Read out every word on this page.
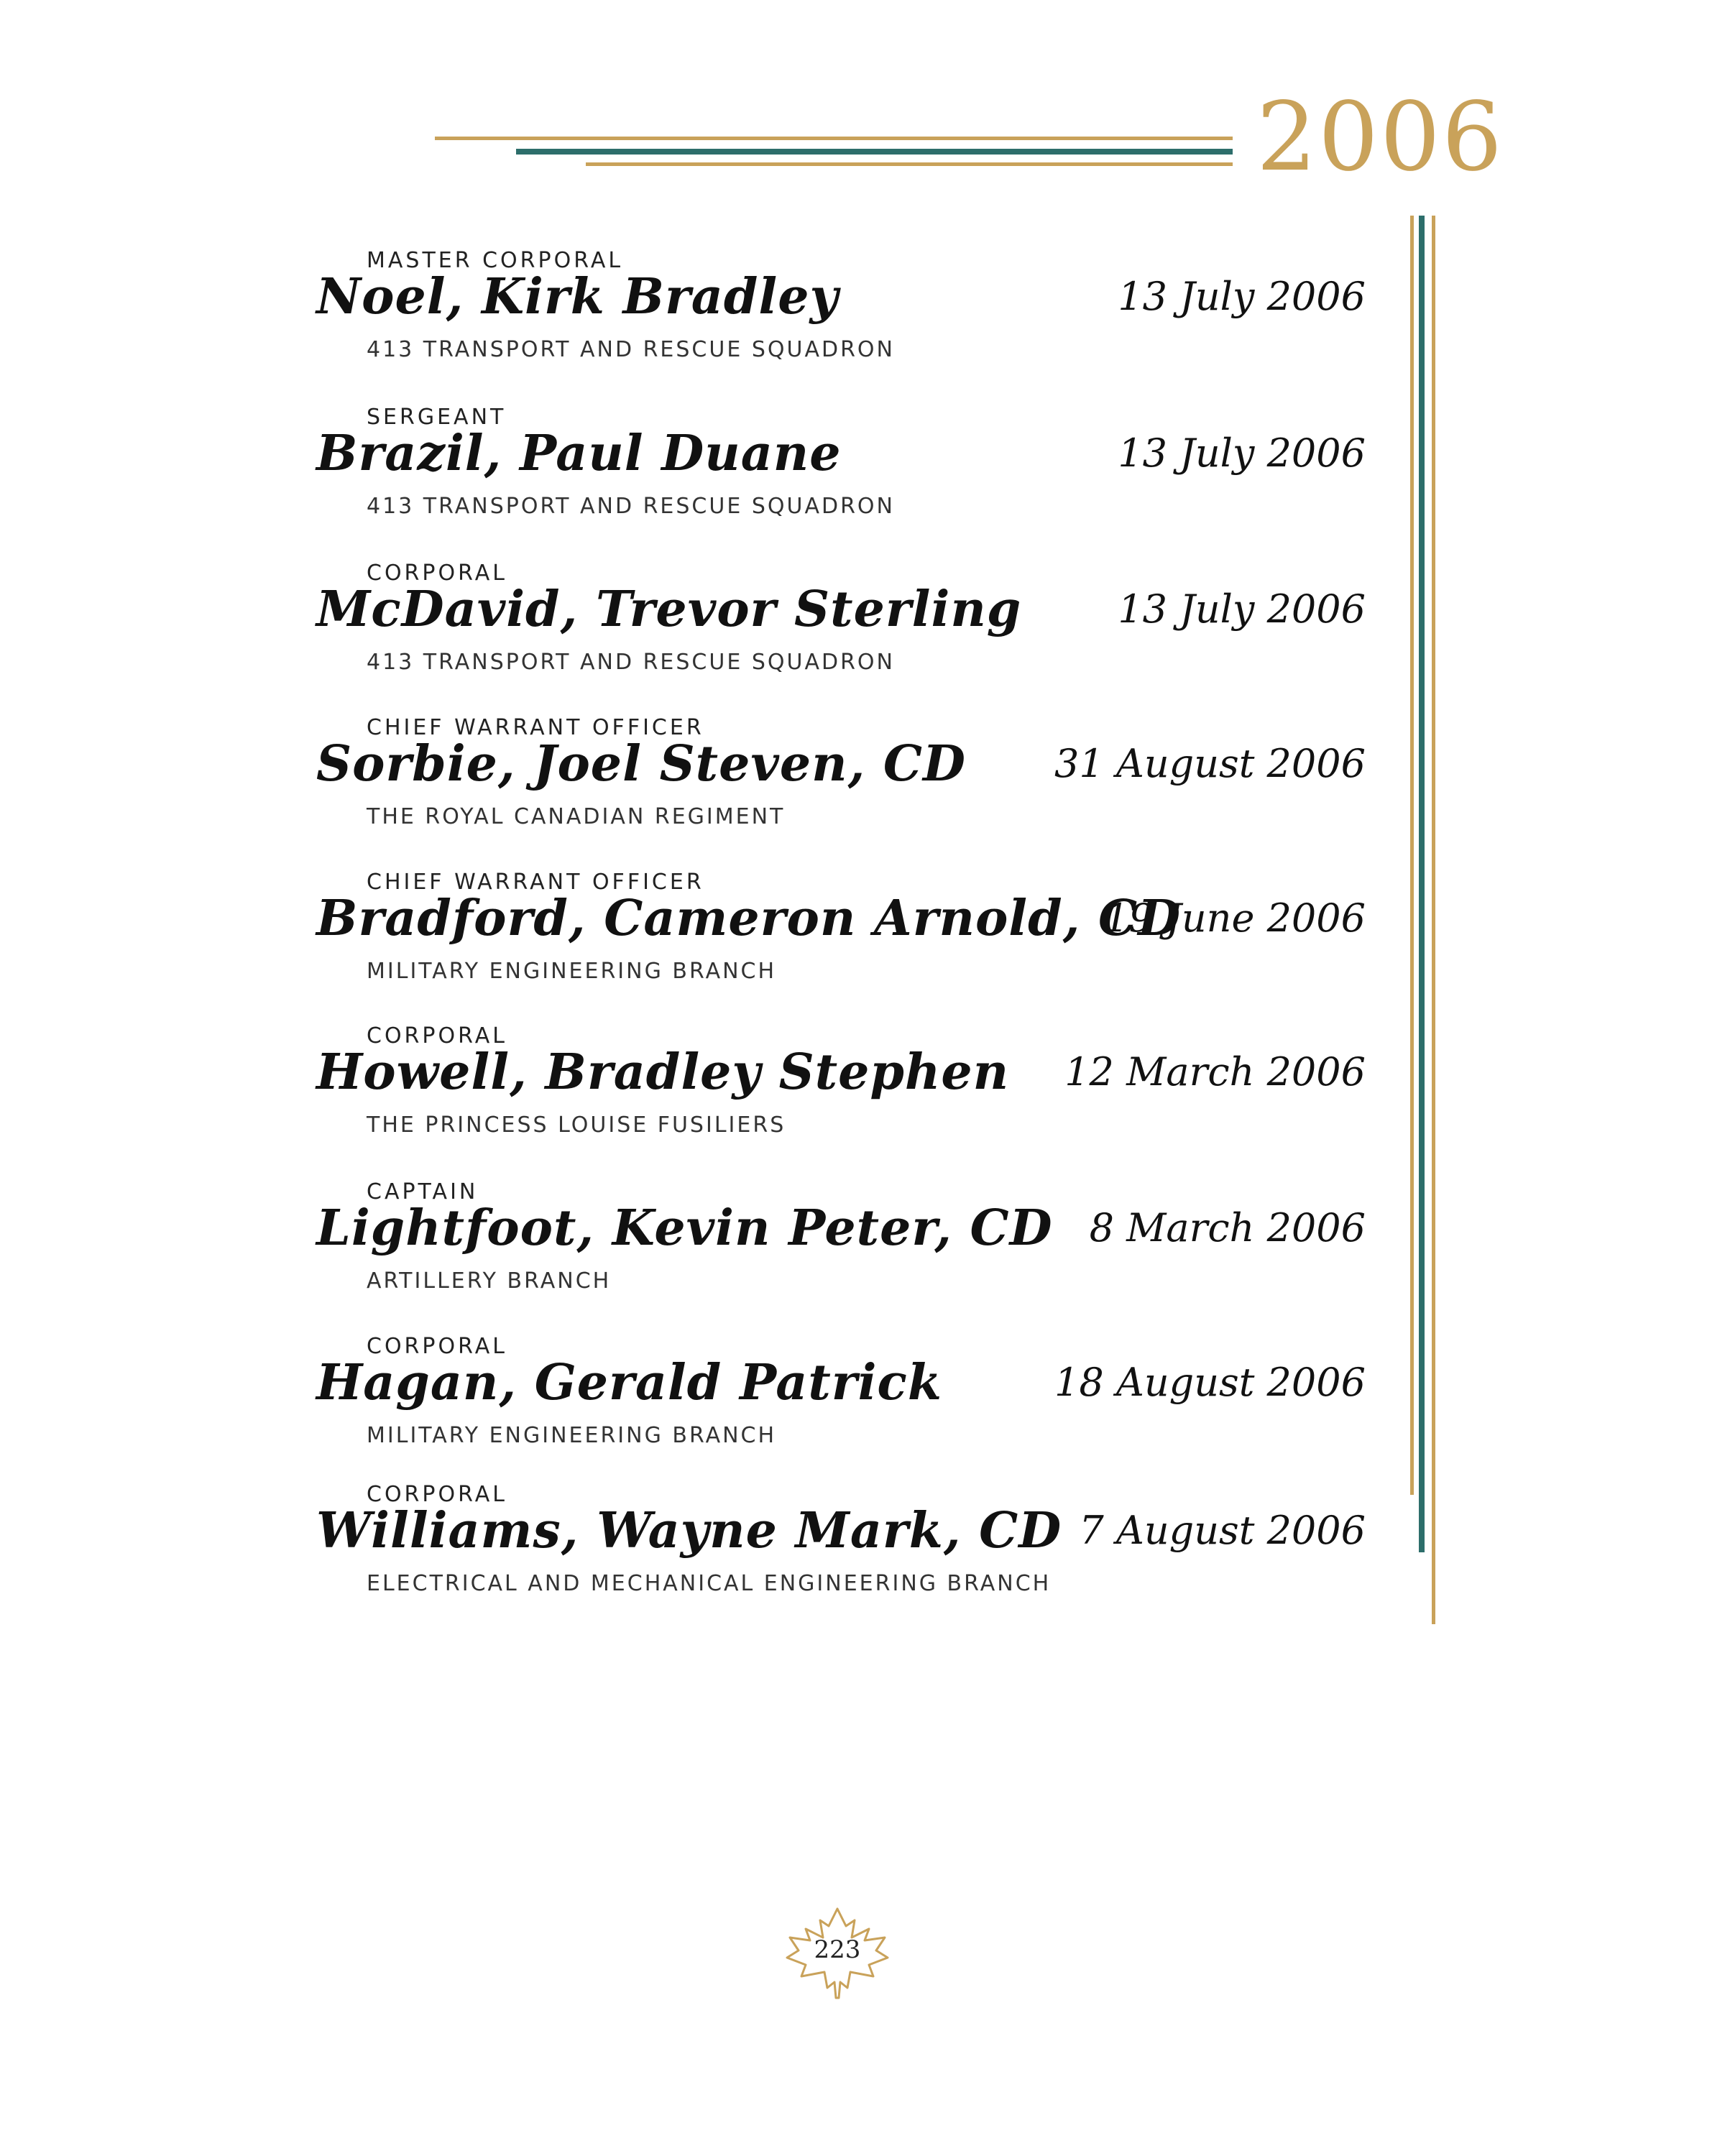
2006
MASTER CORPORAL
Noel, Kirk Bradley
413 TRANSPORT AND RESCUE SQUADRON
13 July 2006
SERGEANT
Brazil, Paul Duane
413 TRANSPORT AND RESCUE SQUADRON
13 July 2006
CORPORAL
McDavid, Trevor Sterling
413 TRANSPORT AND RESCUE SQUADRON
13 July 2006
CHIEF WARRANT OFFICER
Sorbie, Joel Steven, CD
THE ROYAL CANADIAN REGIMENT
31 August 2006
CHIEF WARRANT OFFICER
Bradford, Cameron Arnold, CD
MILITARY ENGINEERING BRANCH
19 June 2006
CORPORAL
Howell, Bradley Stephen
THE PRINCESS LOUISE FUSILIERS
12 March 2006
CAPTAIN
Lightfoot, Kevin Peter, CD
ARTILLERY BRANCH
8 March 2006
CORPORAL
Hagan, Gerald Patrick
MILITARY ENGINEERING BRANCH
18 August 2006
CORPORAL
Williams, Wayne Mark, CD
ELECTRICAL AND MECHANICAL ENGINEERING BRANCH
7 August 2006
223
